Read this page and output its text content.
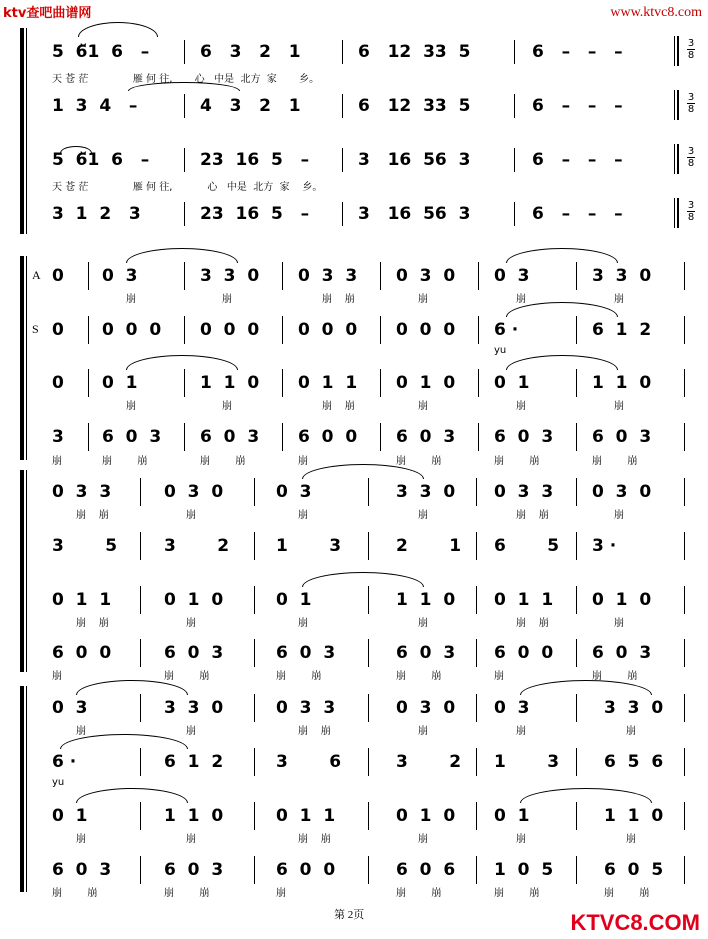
ktv查吧曲谱网	www.ktvc8.com
5  6̆1  6   –	6   3   2   1	6   12  33  5	6   –   –   –
天 苍 茫              雁 何 往,       心   中是  北方  家       乡。
1  3  4   –	4   3   2   1	6   12  33  5	6   –   –   –
5  6̆1  6   –	23  16  5   –	3   16  56  3	6   –   –   –
天 苍 茫              雁 何 往,           心   中是  北方  家    乡。
3  1  2   3	23  16  5   –	3   16  56  3	6   –   –   –
3
8
3
8
3
8
3
8
A
S
0 0  3	3  3  0 0  3  3 0  3  0 0  3	3  3  0
崩	崩	崩    崩	崩	崩	崩
0 0  0  0 0  0  0 0  0  0 0  0  0 6 ·	6  1  2
yu
0 0  1	1  1  0 0  1  1 0  1  0 0  1	1  1  0
崩	崩	崩    崩	崩	崩	崩
3 6  0  3 6  0  3 6  0  0 6  0  3 6  0  3 6  0  3
崩	崩        崩	崩        崩	崩	崩        崩	崩        崩	崩        崩
0  3  3	0  3  0	0  3	3  3  0 0  3  3 0  3  0
崩    崩	崩	崩	崩	崩    崩	崩
3       5	3       2	1       3	2       1 6       5 3 ·
0  1  1	0  1  0	0  1	1  1  0 0  1  1 0  1  0
崩    崩	崩	崩	崩	崩    崩	崩
6  0  0	6  0  3	6  0  3	6  0  3 6  0  0 6  0  3
崩	崩        崩	崩        崩	崩        崩	崩	崩        崩
0  3	3  3  0	0  3  3	0  3  0 0  3	3  3  0
崩	崩	崩    崩	崩	崩	崩
6 ·	6  1  2	3       6	3       2 1       3	6  5  6
yu
0  1	1  1  0	0  1  1	0  1  0 0  1	1  1  0
崩	崩	崩    崩	崩	崩	崩
6  0  3	6  0  3	6  0  0	6  0  6 1  0  5	6  0  5
崩        崩	崩        崩	崩	崩        崩	崩        崩	崩        崩
第 2页	KTVC8.COM
